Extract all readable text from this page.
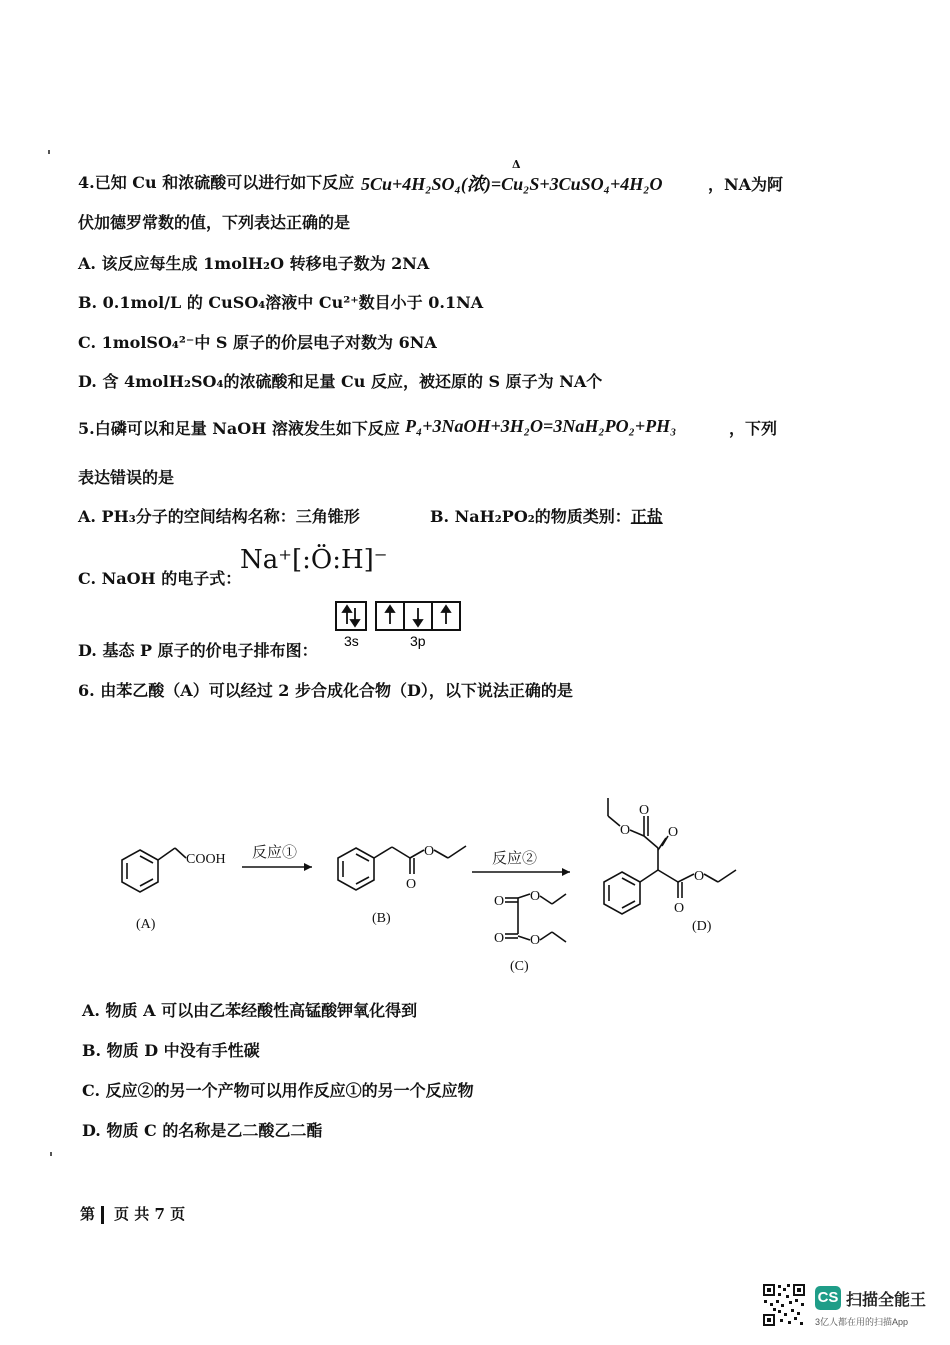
4.已知 Cu 和浓硫酸可以进行如下反应
Δ
5Cu+4H₂SO₄(浓)=Cu₂S+3CuSO₄+4H₂O	，NA为阿
伏加德罗常数的值，下列表达正确的是
A. 该反应每生成 1molH₂O 转移电子数为 2NA
B. 0.1mol/L 的 CuSO₄溶液中 Cu²⁺数目小于 0.1NA
C. 1molSO₄²⁻中 S 原子的价层电子对数为 6NA
D. 含 4molH₂SO₄的浓硫酸和足量 Cu 反应，被还原的 S 原子为 NA个
5.白磷可以和足量 NaOH 溶液发生如下反应 P₄+3NaOH+3H₂O=3NaH₂PO₂+PH₃	，下列
表达错误的是
A. PH₃分子的空间结构名称：三角锥形	B. NaH₂PO₂的物质类别：正盐
C. NaOH 的电子式：
Na⁺[:Ö:H]⁻
D. 基态 P 原子的价电子排布图： 3s	3p
6. 由苯乙酸（A）可以经过 2 步合成化合物（D），以下说法正确的是
COOH
(A)
反应①	O
O
(B)
反应②
O O
O O
(C)
O
O	O
O
O
(D)
A. 物质 A 可以由乙苯经酸性高锰酸钾氧化得到
B. 物质 D 中没有手性碳
C. 反应②的另一个产物可以用作反应①的另一个反应物
D. 物质 C 的名称是乙二酸乙二酯
第 页 共 7 页
CS 扫描全能王
3亿人都在用的扫描App
